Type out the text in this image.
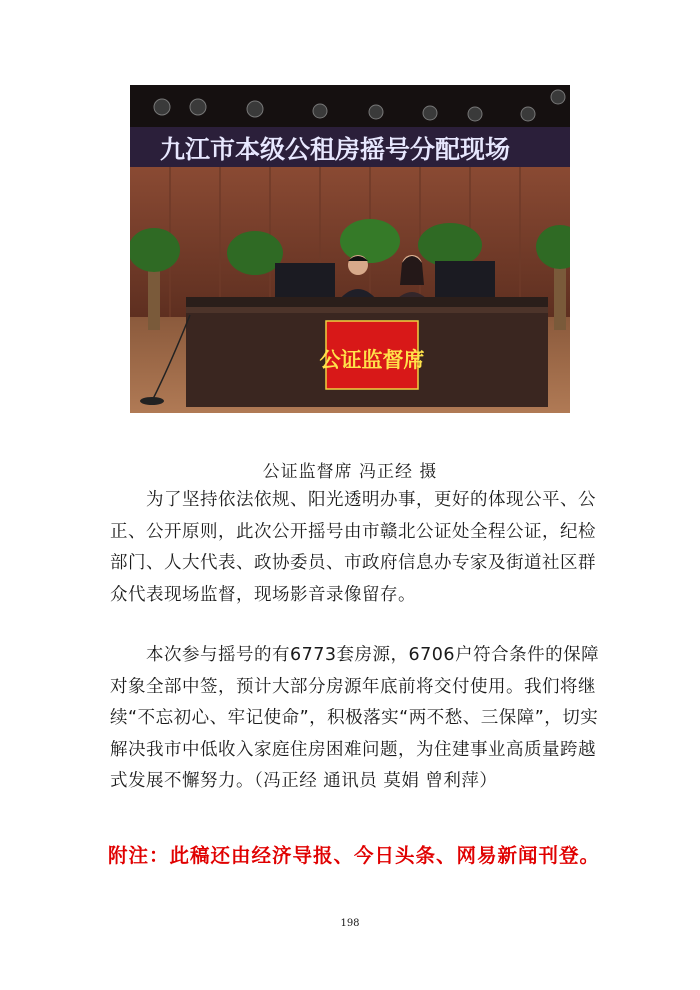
九江市本级公租房摇号分配现场
公证监督席
公证监督席 冯正经 摄

为了坚持依法依规、阳光透明办事，更好的体现公平、公正、公开原则，此次公开摇号由市赣北公证处全程公证，纪检部门、人大代表、政协委员、市政府信息办专家及街道社区群众代表现场监督，现场影音录像留存。

本次参与摇号的有6773套房源，6706户符合条件的保障对象全部中签，预计大部分房源年底前将交付使用。我们将继续“不忘初心、牢记使命”，积极落实“两不愁、三保障”，切实解决我市中低收入家庭住房困难问题，为住建事业高质量跨越式发展不懈努力。（冯正经 通讯员 莫娟 曾利萍）

附注：此稿还由经济导报、今日头条、网易新闻刊登。
198
